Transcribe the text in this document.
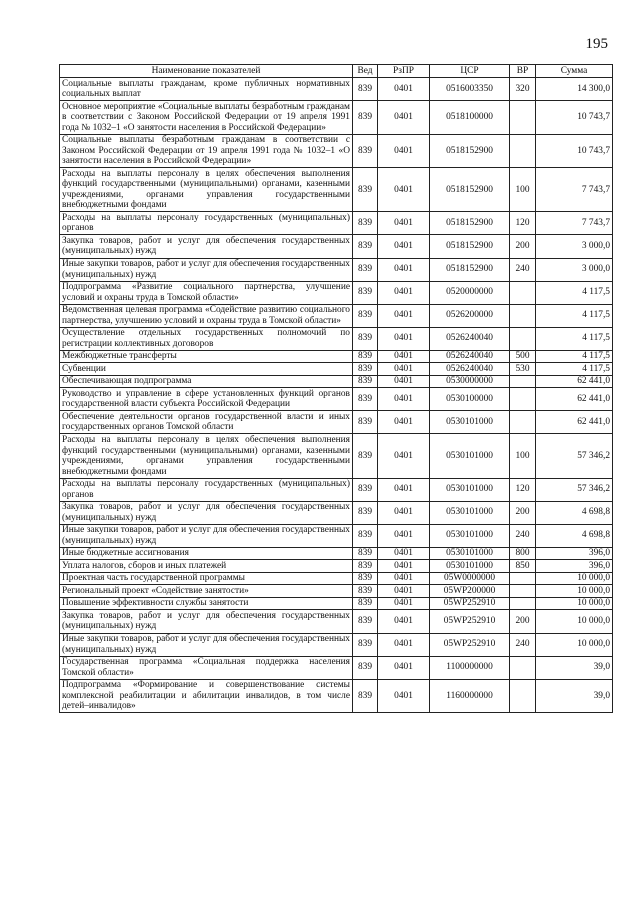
195
Наименование показателей	Вед	РзПР	ЦСР	ВР	Сумма
Социальные выплаты гражданам, кроме публичных нормативных социальных выплат	839	0401	0516003350	320	14 300,0
Основное мероприятие «Социальные выплаты безработным гражданам в соответствии с Законом Российской Федерации от 19 апреля 1991 года № 1032–1 «О занятости населения в Российской Федерации»	839	0401	0518100000		10 743,7
Социальные выплаты безработным гражданам в соответствии с Законом Российской Федерации от 19 апреля 1991 года № 1032–1 «О занятости населения в Российской Федерации»	839	0401	0518152900		10 743,7
Расходы на выплаты персоналу в целях обеспечения выполнения функций государственными (муниципальными) органами, казенными учреждениями, органами управления государственными внебюджетными фондами	839	0401	0518152900	100	7 743,7
Расходы на выплаты персоналу государственных (муниципальных) органов	839	0401	0518152900	120	7 743,7
Закупка товаров, работ и услуг для обеспечения государственных (муниципальных) нужд	839	0401	0518152900	200	3 000,0
Иные закупки товаров, работ и услуг для обеспечения государственных (муниципальных) нужд	839	0401	0518152900	240	3 000,0
Подпрограмма «Развитие социального партнерства, улучшение условий и охраны труда в Томской области»	839	0401	0520000000		4 117,5
Ведомственная целевая программа «Содействие развитию социального партнерства, улучшению условий и охраны труда в Томской области»	839	0401	0526200000		4 117,5
Осуществление отдельных государственных полномочий по регистрации коллективных договоров	839	0401	0526240040		4 117,5
Межбюджетные трансферты	839	0401	0526240040	500	4 117,5
Субвенции	839	0401	0526240040	530	4 117,5
Обеспечивающая подпрограмма	839	0401	0530000000		62 441,0
Руководство и управление в сфере установленных функций органов государственной власти субъекта Российской Федерации	839	0401	0530100000		62 441,0
Обеспечение деятельности органов государственной власти и иных государственных органов Томской области	839	0401	0530101000		62 441,0
Расходы на выплаты персоналу в целях обеспечения выполнения функций государственными (муниципальными) органами, казенными учреждениями, органами управления государственными внебюджетными фондами	839	0401	0530101000	100	57 346,2
Расходы на выплаты персоналу государственных (муниципальных) органов	839	0401	0530101000	120	57 346,2
Закупка товаров, работ и услуг для обеспечения государственных (муниципальных) нужд	839	0401	0530101000	200	4 698,8
Иные закупки товаров, работ и услуг для обеспечения государственных (муниципальных) нужд	839	0401	0530101000	240	4 698,8
Иные бюджетные ассигнования	839	0401	0530101000	800	396,0
Уплата налогов, сборов и иных платежей	839	0401	0530101000	850	396,0
Проектная часть государственной программы	839	0401	05W0000000		10 000,0
Региональный проект «Содействие занятости»	839	0401	05WP200000		10 000,0
Повышение эффективности службы занятости	839	0401	05WP252910		10 000,0
Закупка товаров, работ и услуг для обеспечения государственных (муниципальных) нужд	839	0401	05WP252910	200	10 000,0
Иные закупки товаров, работ и услуг для обеспечения государственных (муниципальных) нужд	839	0401	05WP252910	240	10 000,0
Государственная программа «Социальная поддержка населения Томской области»	839	0401	1100000000		39,0
Подпрограмма «Формирование и совершенствование системы комплексной реабилитации и абилитации инвалидов, в том числе детей–инвалидов»	839	0401	1160000000		39,0
